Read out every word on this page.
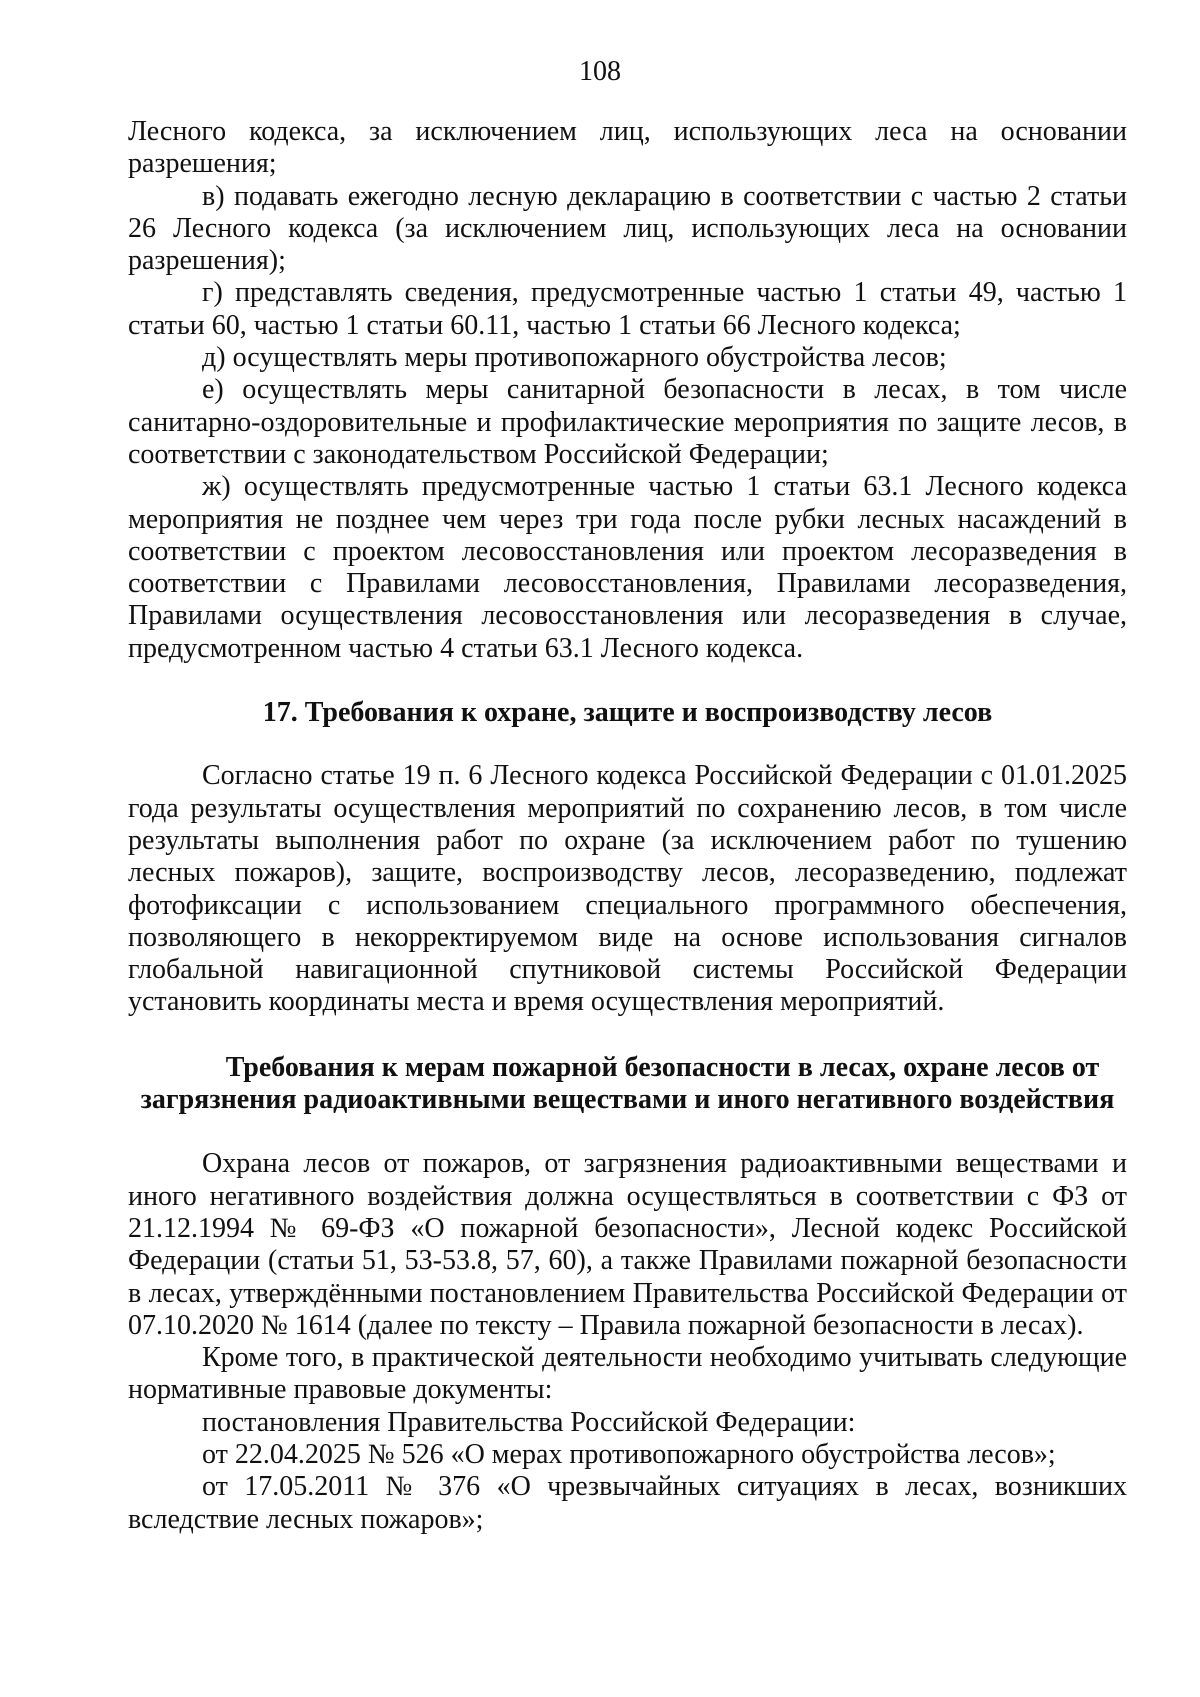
108

Лесного кодекса, за исключением лиц, использующих леса на основании разрешения;

в) подавать ежегодно лесную декларацию в соответствии с частью 2 статьи 26 Лесного кодекса (за исключением лиц, использующих леса на основании разрешения);

г) представлять сведения, предусмотренные частью 1 статьи 49, частью 1 статьи 60, частью 1 статьи 60.11, частью 1 статьи 66 Лесного кодекса;

д) осуществлять меры противопожарного обустройства лесов;

е) осуществлять меры санитарной безопасности в лесах, в том числе санитарно-оздоровительные и профилактические мероприятия по защите лесов, в соответствии с законодательством Российской Федерации;

ж) осуществлять предусмотренные частью 1 статьи 63.1 Лесного кодекса мероприятия не позднее чем через три года после рубки лесных насаждений в соответствии с проектом лесовосстановления или проектом лесоразведения в соответствии с Правилами лесовосстановления, Правилами лесоразведения, Правилами осуществления лесовосстановления или лесоразведения в случае, предусмотренном частью 4 статьи 63.1 Лесного кодекса.

17. Требования к охране, защите и воспроизводству лесов

Согласно статье 19 п. 6 Лесного кодекса Российской Федерации с 01.01.2025 года результаты осуществления мероприятий по сохранению лесов, в том числе результаты выполнения работ по охране (за исключением работ по тушению лесных пожаров), защите, воспроизводству лесов, лесоразведению, подлежат фотофиксации с использованием специального программного обеспечения, позволяющего в некорректируемом виде на основе использования сигналов глобальной навигационной спутниковой системы Российской Федерации установить координаты места и время осуществления мероприятий.

Требования к мерам пожарной безопасности в лесах, охране лесов от
загрязнения радиоактивными веществами и иного негативного воздействия

Охрана лесов от пожаров, от загрязнения радиоактивными веществами и иного негативного воздействия должна осуществляться в соответствии с ФЗ от 21.12.1994 № 69-ФЗ «О пожарной безопасности», Лесной кодекс Российской Федерации (статьи 51, 53-53.8, 57, 60), а также Правилами пожарной безопасности в лесах, утверждёнными постановлением Правительства Российской Федерации от 07.10.2020 № 1614 (далее по тексту – Правила пожарной безопасности в лесах).

Кроме того, в практической деятельности необходимо учитывать следующие нормативные правовые документы:

постановления Правительства Российской Федерации:

от 22.04.2025 № 526 «О мерах противопожарного обустройства лесов»;

от 17.05.2011 № 376 «О чрезвычайных ситуациях в лесах, возникших вследствие лесных пожаров»;
